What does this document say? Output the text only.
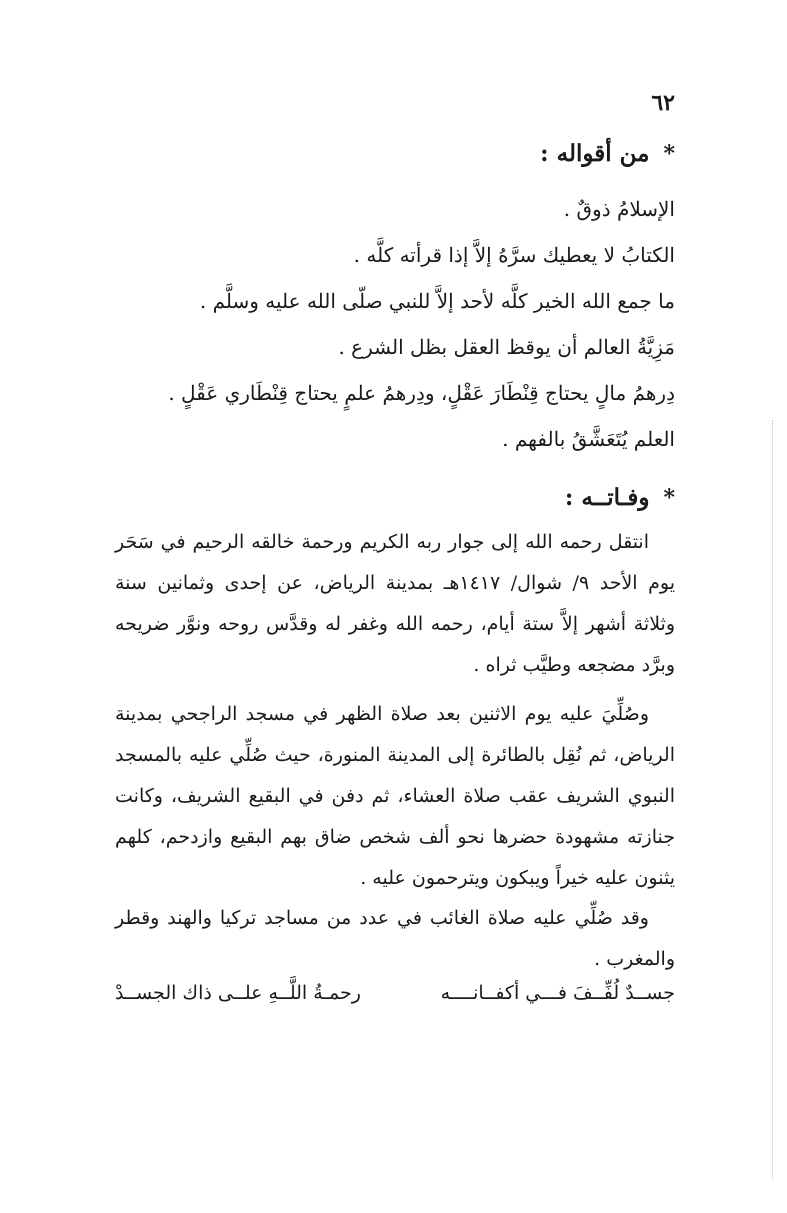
٦٢
*من أقواله :
الإسلامُ ذوقٌ .
الكتابُ لا يعطيك سرَّهُ إلاَّ إذا قرأته كلَّه .
ما جمع الله الخير كلَّه لأحد إلاَّ للنبي صلّى الله عليه وسلَّم .
مَزِيَّةُ العالم أن يوقظ العقل بظل الشرع .
دِرهمُ مالٍ يحتاج قِنْطَارَ عَقْلٍ، ودِرهمُ علمٍ يحتاج قِنْطَاري عَقْلٍ .
العلم يُتَعَشَّقُ بالفهم .
*وفـاتــه :

انتقل رحمه الله إلى جوار ربه الكريم ورحمة خالقه الرحيم في سَحَر يوم الأحد ٩/ شوال/ ١٤١٧هـ بمدينة الرياض، عن إحدى وثمانين سنة وثلاثة أشهر إلاَّ ستة أيام، رحمه الله وغفر له وقدَّس روحه ونوَّر ضريحه وبرَّد مضجعه وطيَّب ثراه .

وصُلِّيَ عليه يوم الاثنين بعد صلاة الظهر في مسجد الراجحي بمدينة الرياض، ثم نُقِل بالطائرة إلى المدينة المنورة، حيث صُلِّي عليه بالمسجد النبوي الشريف عقب صلاة العشاء، ثم دفن في البقيع الشريف، وكانت جنازته مشهودة حضرها نحو ألف شخص ضاق بهم البقيع وازدحم، كلهم يثنون عليه خيراً ويبكون ويترحمون عليه .

وقد صُلِّي عليه صلاة الغائب في عدد من مساجد تركيا والهند وقطر والمغرب .

جســدٌ لُفِّــفَ فـــي أكفــانــــه
رحمـةُ اللَّــهِ علــى ذاك الجســدْ
